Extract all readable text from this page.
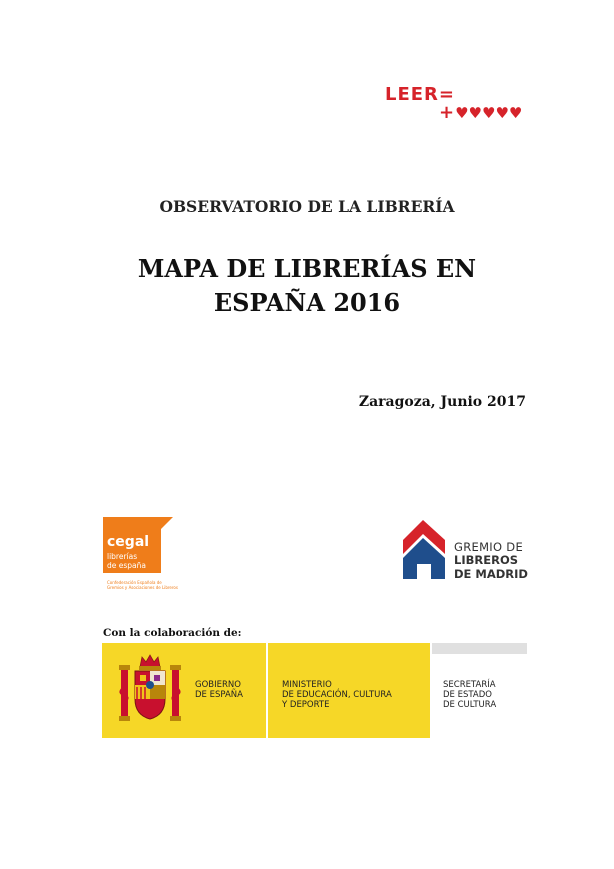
LEER=
+ ♥ ♥ ♥ ♥ ♥
OBSERVATORIO DE LA LIBRERÍA
MAPA DE LIBRERÍAS EN
ESPAÑA 2016
Zaragoza, Junio 2017
cegal
librerías
de españa
Confederación Española de
Gremios y Asociaciones de Libreros
GREMIO DE
LIBREROS
DE MADRID
Con la colaboración de:
GOBIERNO
DE ESPAÑA
MINISTERIO
DE EDUCACIÓN, CULTURA
Y DEPORTE
SECRETARÍA
DE ESTADO
DE CULTURA
